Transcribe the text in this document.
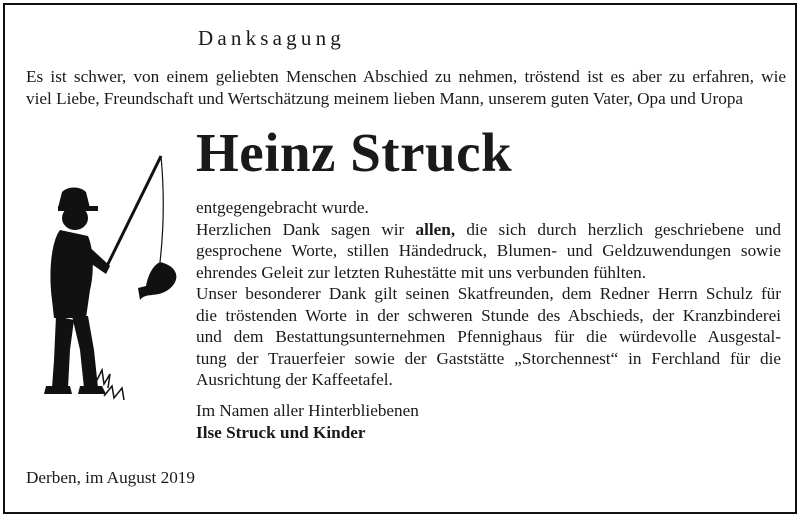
Danksagung
Es ist schwer, von einem geliebten Menschen Abschied zu nehmen, tröstend ist es aber zu erfahren, wie
viel Liebe, Freundschaft und Wertschätzung meinem lieben Mann, unserem guten Vater, Opa und Uropa
Heinz Struck
entgegengebracht wurde.
Herzlichen Dank sagen wir allen, die sich durch herzlich geschriebene und
gesprochene Worte, stillen Händedruck, Blumen- und Geldzuwendungen sowie
ehrendes Geleit zur letzten Ruhestätte mit uns verbunden fühlten.
Unser besonderer Dank gilt seinen Skatfreunden, dem Redner Herrn Schulz für
die tröstenden Worte in der schweren Stunde des Abschieds, der Kranzbinderei
und dem Bestattungsunternehmen Pfennighaus für die würdevolle Ausgestal-
tung der Trauerfeier sowie der Gaststätte „Storchennest“ in Ferchland für die
Ausrichtung der Kaffeetafel.
Im Namen aller Hinterbliebenen
Ilse Struck und Kinder
Derben, im August 2019
